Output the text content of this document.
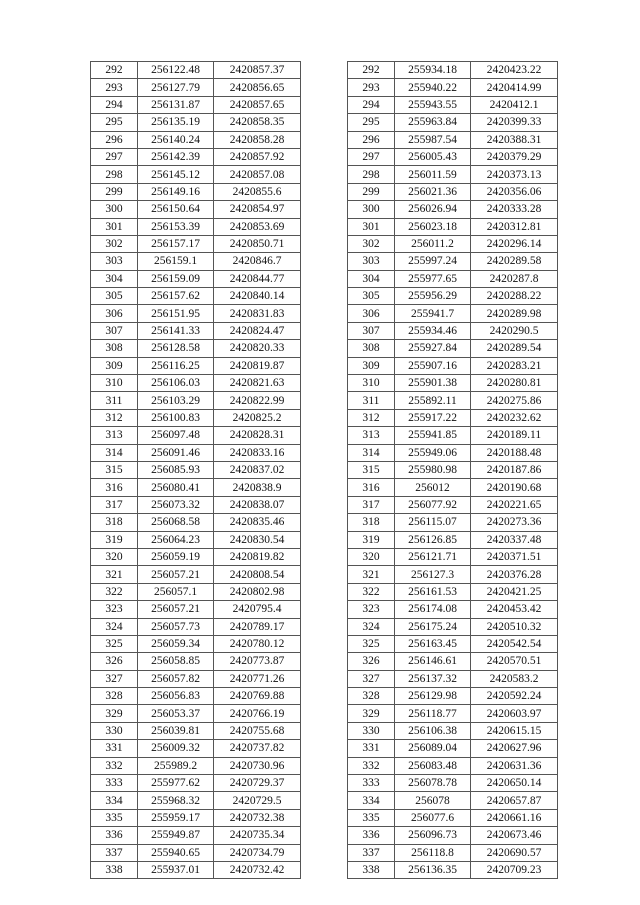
292	256122.48	2420857.37
293	256127.79	2420856.65
294	256131.87	2420857.65
295	256135.19	2420858.35
296	256140.24	2420858.28
297	256142.39	2420857.92
298	256145.12	2420857.08
299	256149.16	2420855.6
300	256150.64	2420854.97
301	256153.39	2420853.69
302	256157.17	2420850.71
303	256159.1	2420846.7
304	256159.09	2420844.77
305	256157.62	2420840.14
306	256151.95	2420831.83
307	256141.33	2420824.47
308	256128.58	2420820.33
309	256116.25	2420819.87
310	256106.03	2420821.63
311	256103.29	2420822.99
312	256100.83	2420825.2
313	256097.48	2420828.31
314	256091.46	2420833.16
315	256085.93	2420837.02
316	256080.41	2420838.9
317	256073.32	2420838.07
318	256068.58	2420835.46
319	256064.23	2420830.54
320	256059.19	2420819.82
321	256057.21	2420808.54
322	256057.1	2420802.98
323	256057.21	2420795.4
324	256057.73	2420789.17
325	256059.34	2420780.12
326	256058.85	2420773.87
327	256057.82	2420771.26
328	256056.83	2420769.88
329	256053.37	2420766.19
330	256039.81	2420755.68
331	256009.32	2420737.82
332	255989.2	2420730.96
333	255977.62	2420729.37
334	255968.32	2420729.5
335	255959.17	2420732.38
336	255949.87	2420735.34
337	255940.65	2420734.79
338	255937.01	2420732.42
292	255934.18	2420423.22
293	255940.22	2420414.99
294	255943.55	2420412.1
295	255963.84	2420399.33
296	255987.54	2420388.31
297	256005.43	2420379.29
298	256011.59	2420373.13
299	256021.36	2420356.06
300	256026.94	2420333.28
301	256023.18	2420312.81
302	256011.2	2420296.14
303	255997.24	2420289.58
304	255977.65	2420287.8
305	255956.29	2420288.22
306	255941.7	2420289.98
307	255934.46	2420290.5
308	255927.84	2420289.54
309	255907.16	2420283.21
310	255901.38	2420280.81
311	255892.11	2420275.86
312	255917.22	2420232.62
313	255941.85	2420189.11
314	255949.06	2420188.48
315	255980.98	2420187.86
316	256012	2420190.68
317	256077.92	2420221.65
318	256115.07	2420273.36
319	256126.85	2420337.48
320	256121.71	2420371.51
321	256127.3	2420376.28
322	256161.53	2420421.25
323	256174.08	2420453.42
324	256175.24	2420510.32
325	256163.45	2420542.54
326	256146.61	2420570.51
327	256137.32	2420583.2
328	256129.98	2420592.24
329	256118.77	2420603.97
330	256106.38	2420615.15
331	256089.04	2420627.96
332	256083.48	2420631.36
333	256078.78	2420650.14
334	256078	2420657.87
335	256077.6	2420661.16
336	256096.73	2420673.46
337	256118.8	2420690.57
338	256136.35	2420709.23
